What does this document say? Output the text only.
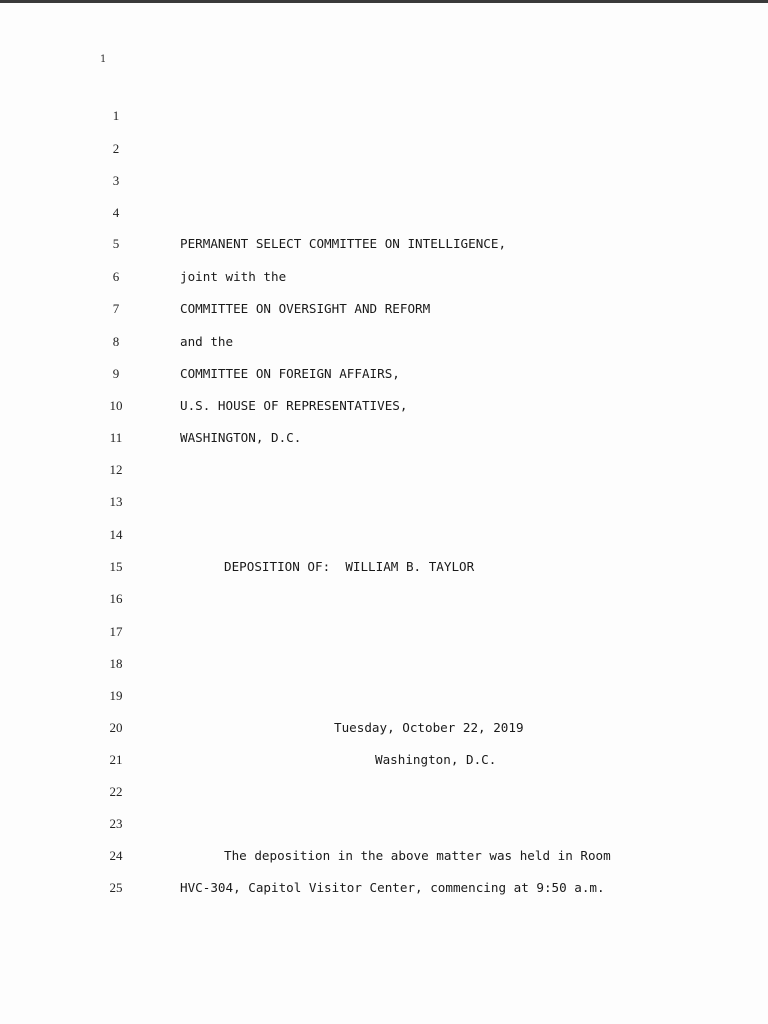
1
1
2
3
4
5	PERMANENT SELECT COMMITTEE ON INTELLIGENCE,
6	joint with the
7	COMMITTEE ON OVERSIGHT AND REFORM
8	and the
9	COMMITTEE ON FOREIGN AFFAIRS,
10	U.S. HOUSE OF REPRESENTATIVES,
11	WASHINGTON, D.C.
12
13
14
15	DEPOSITION OF:  WILLIAM B. TAYLOR
16
17
18
19
20	Tuesday, October 22, 2019
21	Washington, D.C.
22
23
24	The deposition in the above matter was held in Room
25	HVC-304, Capitol Visitor Center, commencing at 9:50 a.m.
